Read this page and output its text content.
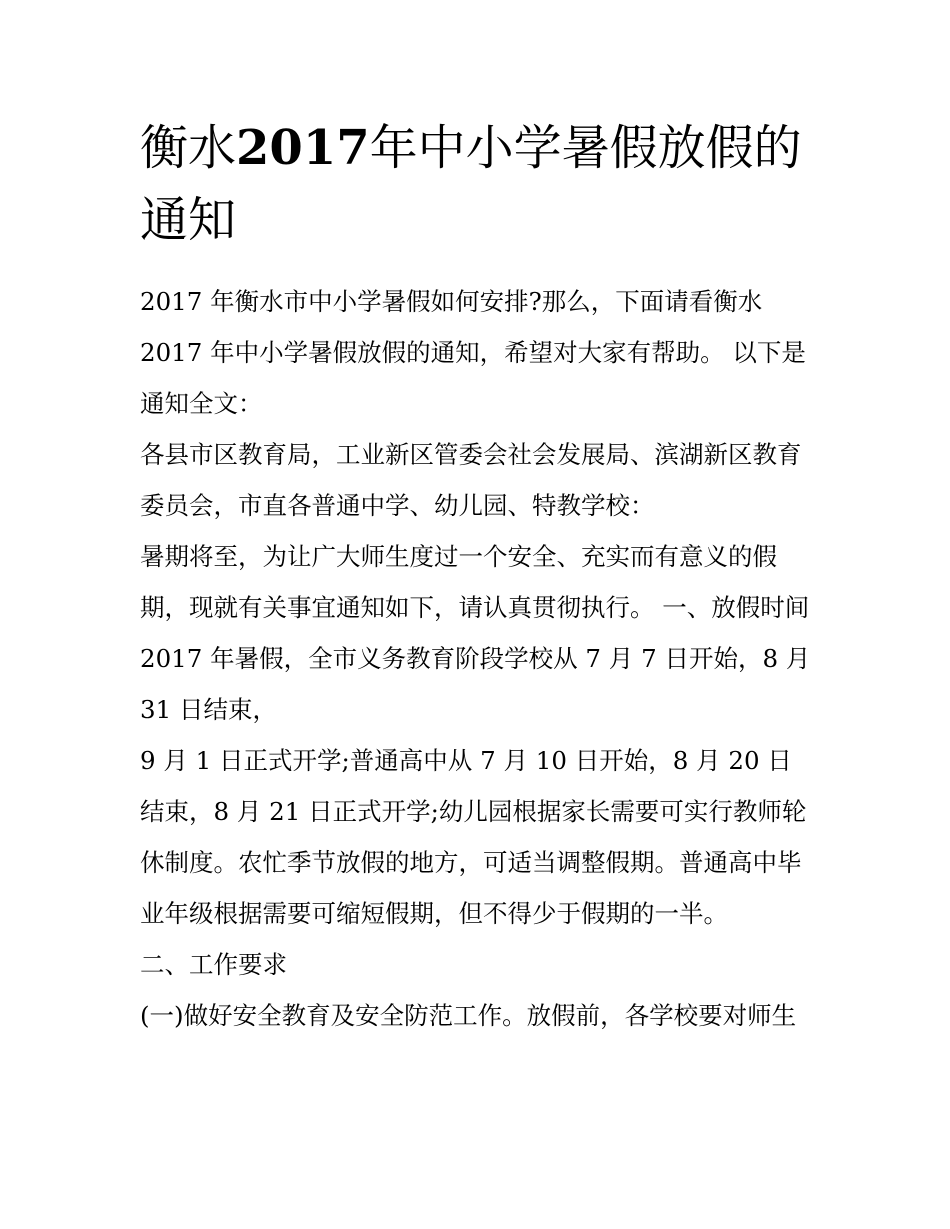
衡水2017年中小学暑假放假的通知

2017 年衡水市中小学暑假如何安排?那么，下面请看衡水 2017 年中小学暑假放假的通知，希望对大家有帮助。 以下是通知全文：

各县市区教育局，工业新区管委会社会发展局、滨湖新区教育委员会，市直各普通中学、幼儿园、特教学校：

暑期将至，为让广大师生度过一个安全、充实而有意义的假期，现就有关事宜通知如下，请认真贯彻执行。 一、放假时间

2017 年暑假，全市义务教育阶段学校从 7 月 7 日开始，8 月 31 日结束，

9 月 1 日正式开学;普通高中从 7 月 10 日开始，8 月 20 日结束，8 月 21 日正式开学;幼儿园根据家长需要可实行教师轮休制度。农忙季节放假的地方，可适当调整假期。普通高中毕业年级根据需要可缩短假期，但不得少于假期的一半。

二、工作要求

(一)做好安全教育及安全防范工作。放假前，各学校要对师生
